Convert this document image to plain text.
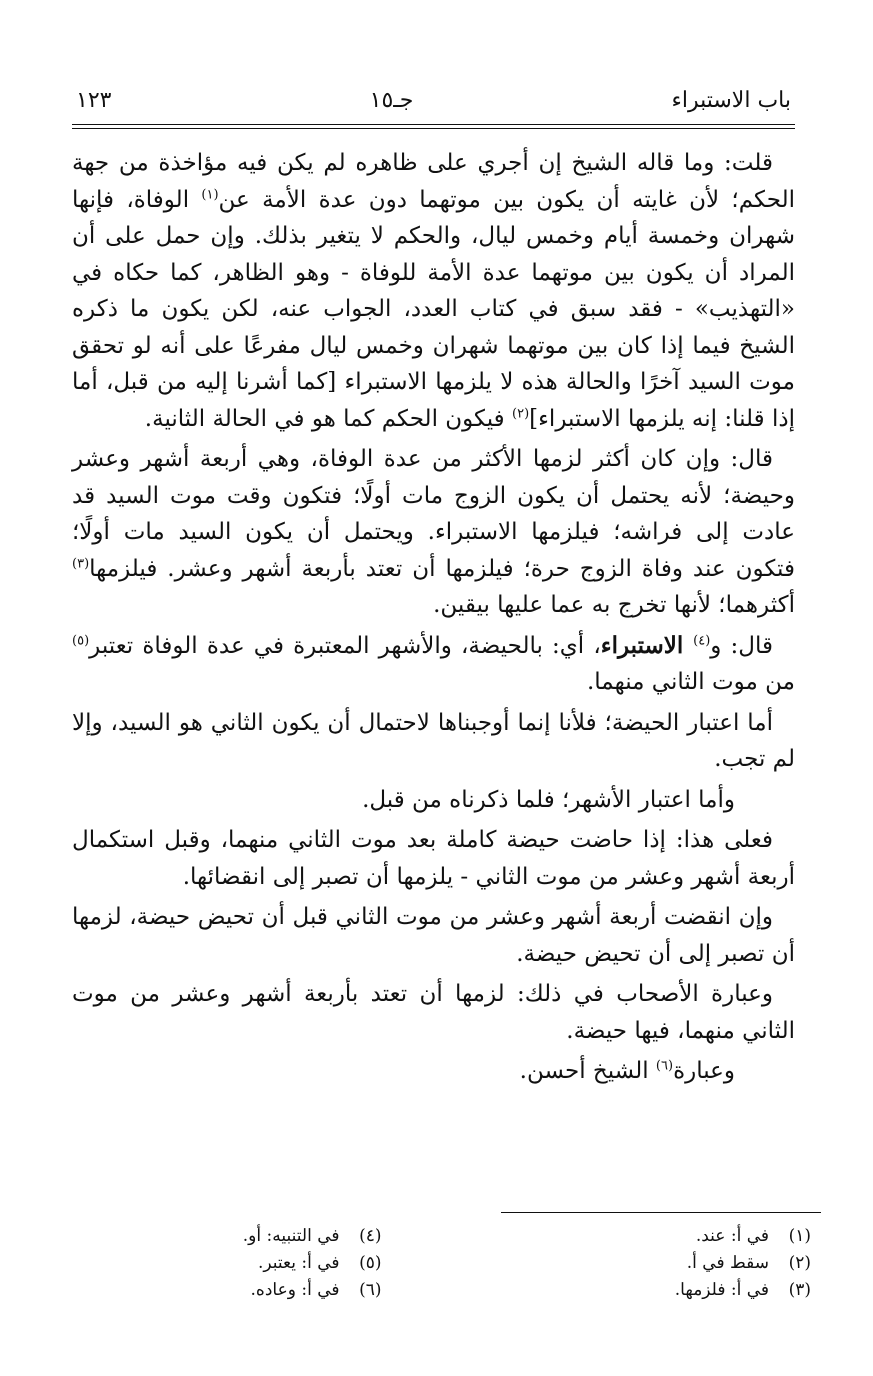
باب الاستبراء
جـ١٥
١٢٣

قلت: وما قاله الشيخ إن أجري على ظاهره لم يكن فيه مؤاخذة من جهة الحكم؛ لأن غايته أن يكون بين موتهما دون عدة الأمة عن$^{(١)}$ الوفاة، فإنها شهران وخمسة أيام وخمس ليال، والحكم لا يتغير بذلك. وإن حمل على أن المراد أن يكون بين موتهما عدة الأمة للوفاة - وهو الظاهر، كما حكاه في «التهذيب» - فقد سبق في كتاب العدد، الجواب عنه، لكن يكون ما ذكره الشيخ فيما إذا كان بين موتهما شهران وخمس ليال مفرعًا على أنه لو تحقق موت السيد آخرًا والحالة هذه لا يلزمها الاستبراء [كما أشرنا إليه من قبل، أما إذا قلنا: إنه يلزمها الاستبراء]$^{(٢)}$ فيكون الحكم كما هو في الحالة الثانية.

قال: وإن كان أكثر لزمها الأكثر من عدة الوفاة، وهي أربعة أشهر وعشر وحيضة؛ لأنه يحتمل أن يكون الزوج مات أولًا؛ فتكون وقت موت السيد قد عادت إلى فراشه؛ فيلزمها الاستبراء. ويحتمل أن يكون السيد مات أولًا؛ فتكون عند وفاة الزوج حرة؛ فيلزمها أن تعتد بأربعة أشهر وعشر. فيلزمها$^{(٣)}$ أكثرهما؛ لأنها تخرج به عما عليها بيقين.

قال: و$^{(٤)}$ الاستبراء، أي: بالحيضة، والأشهر المعتبرة في عدة الوفاة تعتبر$^{(٥)}$ من موت الثاني منهما.

أما اعتبار الحيضة؛ فلأنا إنما أوجبناها لاحتمال أن يكون الثاني هو السيد، وإلا لم تجب.

وأما اعتبار الأشهر؛ فلما ذكرناه من قبل.

فعلى هذا: إذا حاضت حيضة كاملة بعد موت الثاني منهما، وقبل استكمال أربعة أشهر وعشر من موت الثاني - يلزمها أن تصبر إلى انقضائها.

وإن انقضت أربعة أشهر وعشر من موت الثاني قبل أن تحيض حيضة، لزمها أن تصبر إلى أن تحيض حيضة.

وعبارة الأصحاب في ذلك: لزمها أن تعتد بأربعة أشهر وعشر من موت الثاني منهما، فيها حيضة.

وعبارة$^{(٦)}$ الشيخ أحسن.

(١)في أ: عند.
(٢)سقط في أ.
(٣)في أ: فلزمها.
(٤)في التنبيه: أو.
(٥)في أ: يعتبر.
(٦)في أ: وعاده.
